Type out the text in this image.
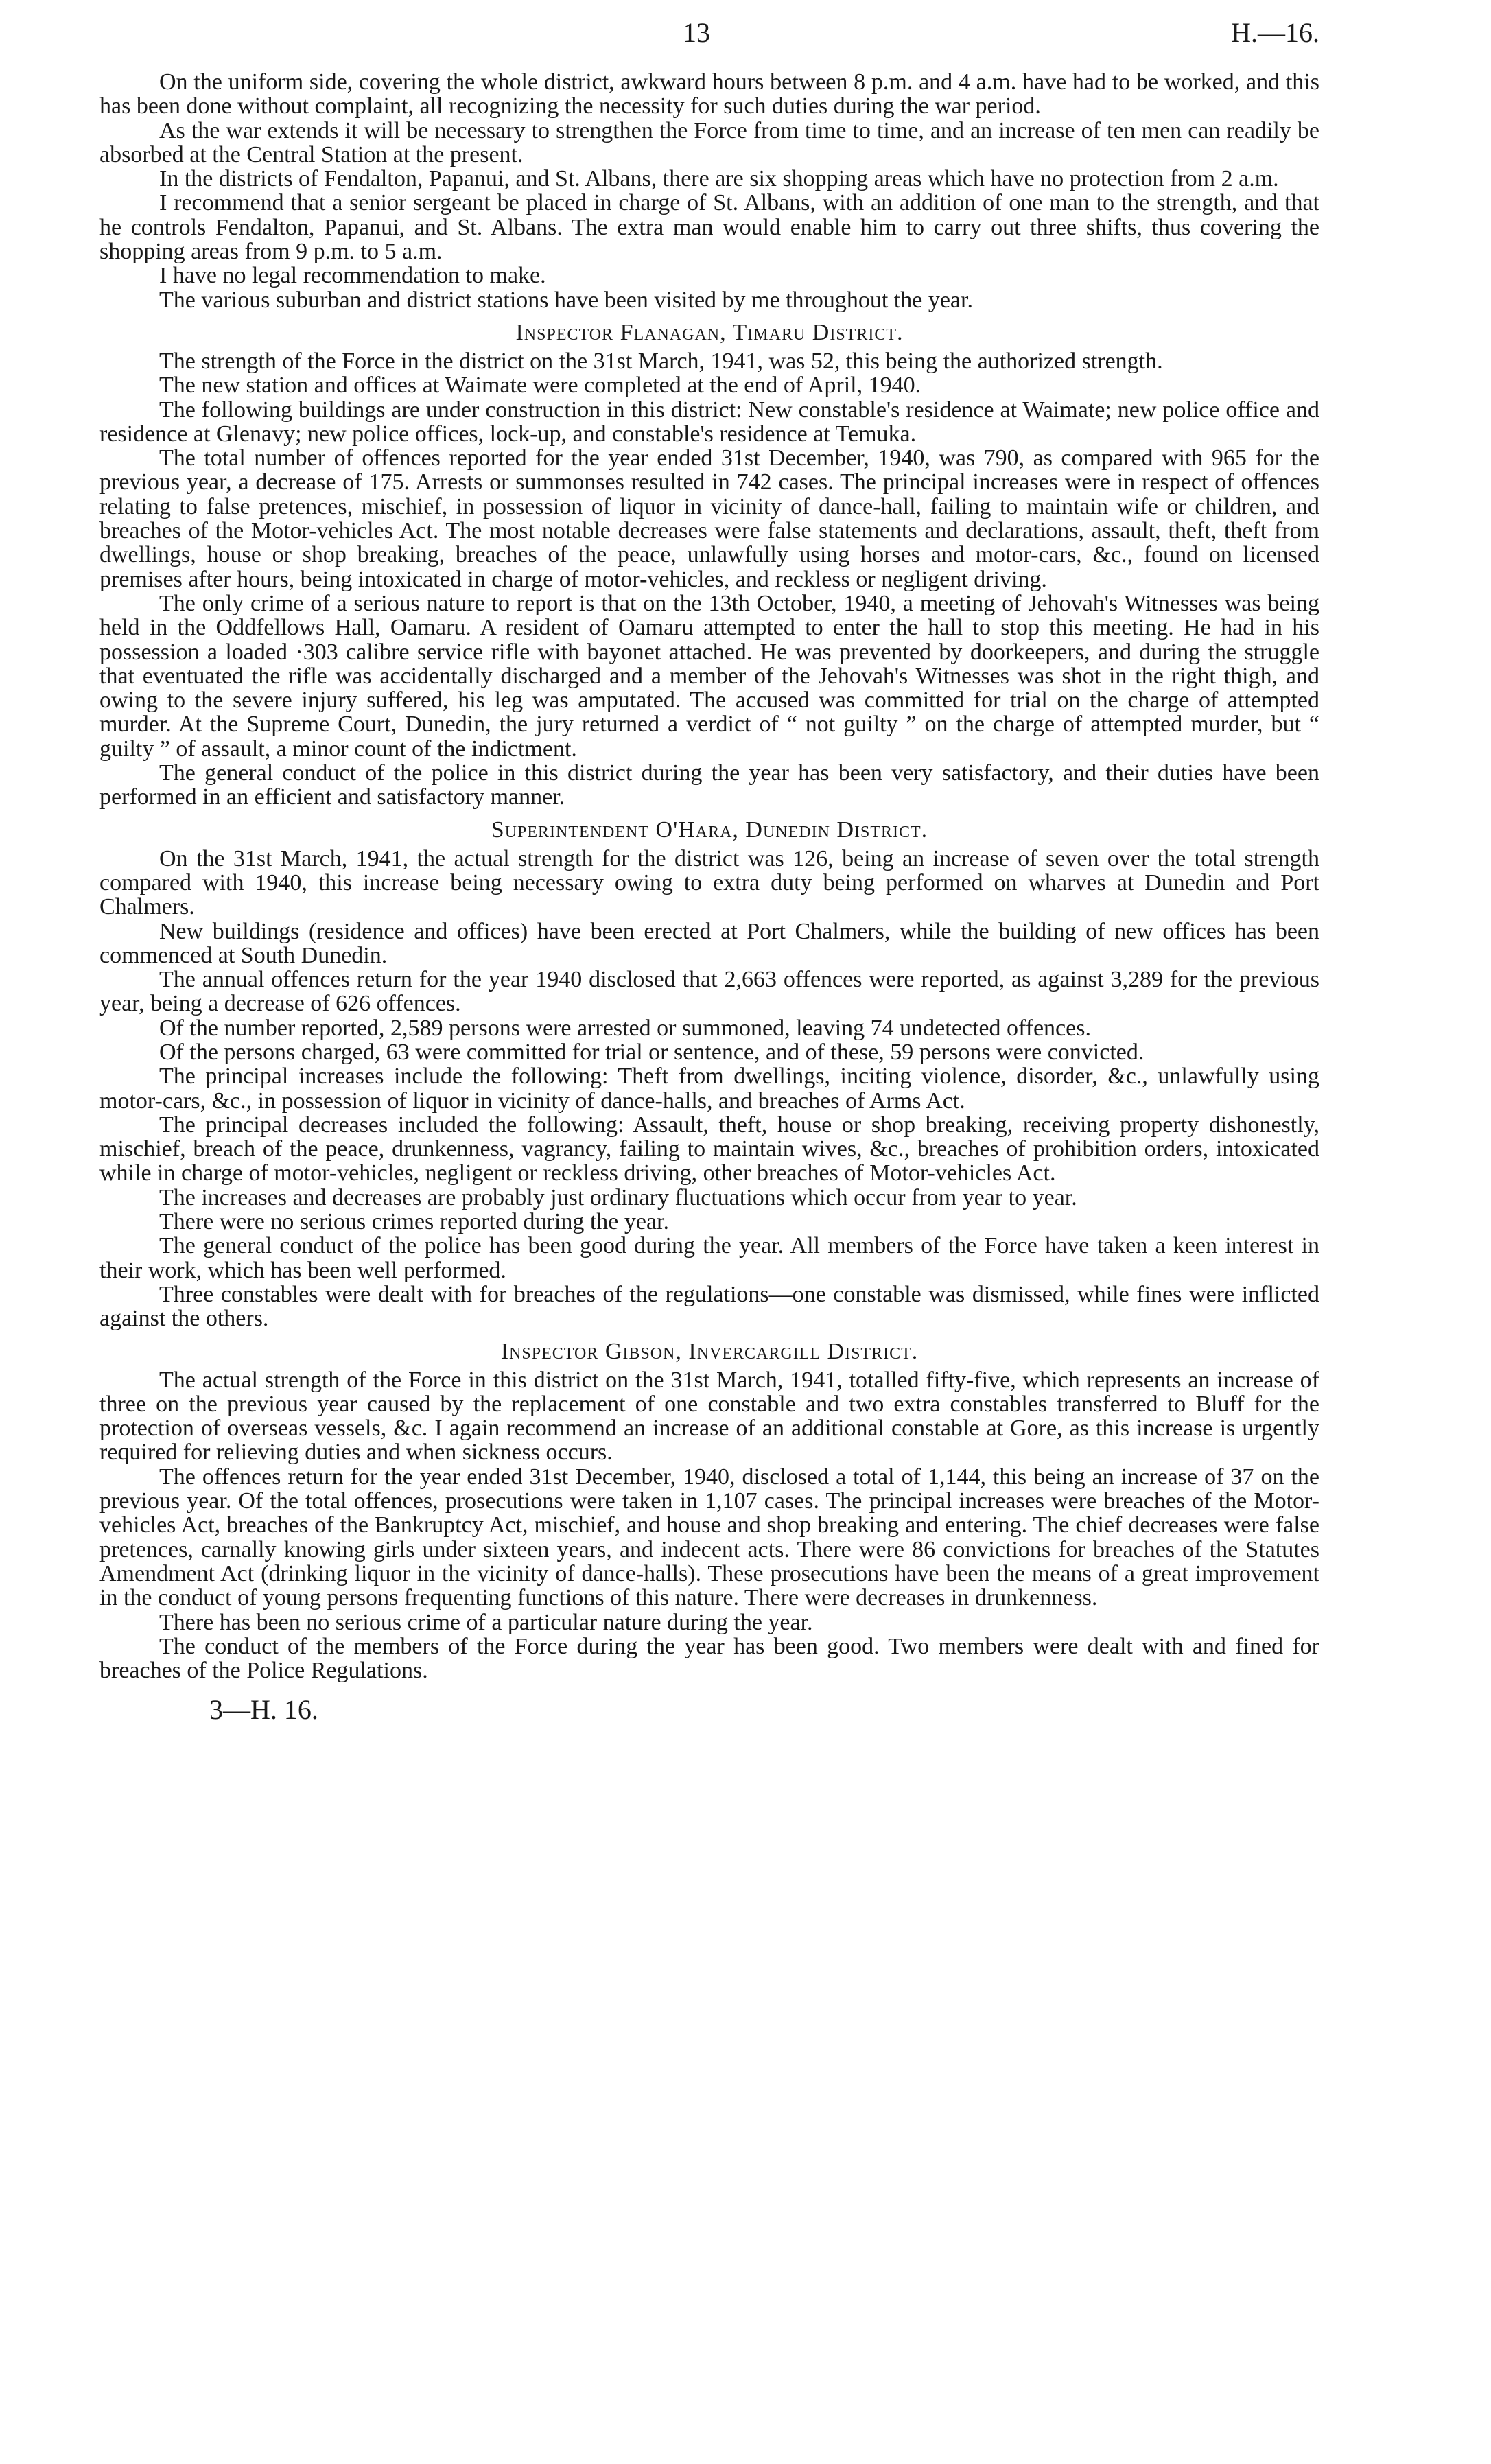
13	H.—16.

On the uniform side, covering the whole district, awkward hours between 8 p.m. and 4 a.m. have had to be worked, and this has been done without complaint, all recognizing the necessity for such duties during the war period.

As the war extends it will be necessary to strengthen the Force from time to time, and an increase of ten men can readily be absorbed at the Central Station at the present.

In the districts of Fendalton, Papanui, and St. Albans, there are six shopping areas which have no protection from 2 a.m.

I recommend that a senior sergeant be placed in charge of St. Albans, with an addition of one man to the strength, and that he controls Fendalton, Papanui, and St. Albans. The extra man would enable him to carry out three shifts, thus covering the shopping areas from 9 p.m. to 5 a.m.

I have no legal recommendation to make.

The various suburban and district stations have been visited by me throughout the year.

Inspector Flanagan, Timaru District.

The strength of the Force in the district on the 31st March, 1941, was 52, this being the authorized strength.

The new station and offices at Waimate were completed at the end of April, 1940.

The following buildings are under construction in this district: New constable's residence at Waimate; new police office and residence at Glenavy; new police offices, lock-up, and constable's residence at Temuka.

The total number of offences reported for the year ended 31st December, 1940, was 790, as compared with 965 for the previous year, a decrease of 175. Arrests or summonses resulted in 742 cases. The principal increases were in respect of offences relating to false pretences, mischief, in possession of liquor in vicinity of dance-hall, failing to maintain wife or children, and breaches of the Motor-vehicles Act. The most notable decreases were false statements and declarations, assault, theft, theft from dwellings, house or shop breaking, breaches of the peace, unlawfully using horses and motor-cars, &c., found on licensed premises after hours, being intoxicated in charge of motor-vehicles, and reckless or negligent driving.

The only crime of a serious nature to report is that on the 13th October, 1940, a meeting of Jehovah's Witnesses was being held in the Oddfellows Hall, Oamaru. A resident of Oamaru attempted to enter the hall to stop this meeting. He had in his possession a loaded ·303 calibre service rifle with bayonet attached. He was prevented by doorkeepers, and during the struggle that eventuated the rifle was accidentally discharged and a member of the Jehovah's Witnesses was shot in the right thigh, and owing to the severe injury suffered, his leg was amputated. The accused was committed for trial on the charge of attempted murder. At the Supreme Court, Dunedin, the jury returned a verdict of “ not guilty ” on the charge of attempted murder, but “ guilty ” of assault, a minor count of the indictment.

The general conduct of the police in this district during the year has been very satisfactory, and their duties have been performed in an efficient and satisfactory manner.

Superintendent O'Hara, Dunedin District.

On the 31st March, 1941, the actual strength for the district was 126, being an increase of seven over the total strength compared with 1940, this increase being necessary owing to extra duty being performed on wharves at Dunedin and Port Chalmers.

New buildings (residence and offices) have been erected at Port Chalmers, while the building of new offices has been commenced at South Dunedin.

The annual offences return for the year 1940 disclosed that 2,663 offences were reported, as against 3,289 for the previous year, being a decrease of 626 offences.

Of the number reported, 2,589 persons were arrested or summoned, leaving 74 undetected offences.

Of the persons charged, 63 were committed for trial or sentence, and of these, 59 persons were convicted.

The principal increases include the following: Theft from dwellings, inciting violence, disorder, &c., unlawfully using motor-cars, &c., in possession of liquor in vicinity of dance-halls, and breaches of Arms Act.

The principal decreases included the following: Assault, theft, house or shop breaking, receiving property dishonestly, mischief, breach of the peace, drunkenness, vagrancy, failing to maintain wives, &c., breaches of prohibition orders, intoxicated while in charge of motor-vehicles, negligent or reckless driving, other breaches of Motor-vehicles Act.

The increases and decreases are probably just ordinary fluctuations which occur from year to year.

There were no serious crimes reported during the year.

The general conduct of the police has been good during the year. All members of the Force have taken a keen interest in their work, which has been well performed.

Three constables were dealt with for breaches of the regulations—one constable was dismissed, while fines were inflicted against the others.

Inspector Gibson, Invercargill District.

The actual strength of the Force in this district on the 31st March, 1941, totalled fifty-five, which represents an increase of three on the previous year caused by the replacement of one constable and two extra constables transferred to Bluff for the protection of overseas vessels, &c. I again recommend an increase of an additional constable at Gore, as this increase is urgently required for relieving duties and when sickness occurs.

The offences return for the year ended 31st December, 1940, disclosed a total of 1,144, this being an increase of 37 on the previous year. Of the total offences, prosecutions were taken in 1,107 cases. The principal increases were breaches of the Motor-vehicles Act, breaches of the Bankruptcy Act, mischief, and house and shop breaking and entering. The chief decreases were false pretences, carnally knowing girls under sixteen years, and indecent acts. There were 86 convictions for breaches of the Statutes Amendment Act (drinking liquor in the vicinity of dance-halls). These prosecutions have been the means of a great improvement in the conduct of young persons frequenting functions of this nature. There were decreases in drunkenness.

There has been no serious crime of a particular nature during the year.

The conduct of the members of the Force during the year has been good. Two members were dealt with and fined for breaches of the Police Regulations.

3—H. 16.
